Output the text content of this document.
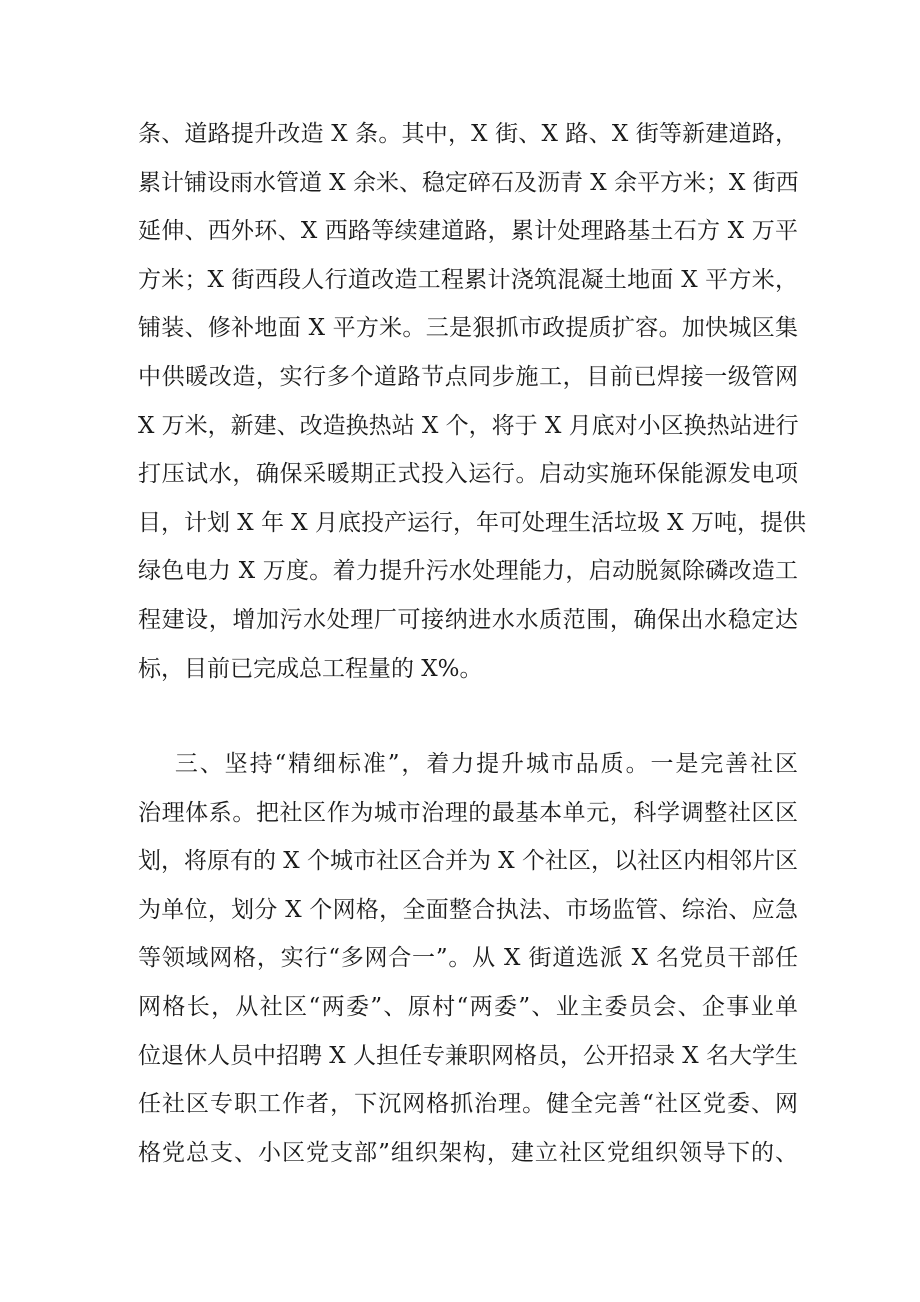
条、道路提升改造 X 条。其中，X 街、X 路、X 街等新建道路，
累计铺设雨水管道 X 余米、稳定碎石及沥青 X 余平方米；X 街西
延伸、西外环、X 西路等续建道路，累计处理路基土石方 X 万平
方米；X 街西段人行道改造工程累计浇筑混凝土地面 X 平方米，
铺装、修补地面 X 平方米。三是狠抓市政提质扩容。加快城区集
中供暖改造，实行多个道路节点同步施工，目前已焊接一级管网
X 万米，新建、改造换热站 X 个，将于 X 月底对小区换热站进行
打压试水，确保采暖期正式投入运行。启动实施环保能源发电项
目，计划 X 年 X 月底投产运行，年可处理生活垃圾 X 万吨，提供
绿色电力 X 万度。着力提升污水处理能力，启动脱氮除磷改造工
程建设，增加污水处理厂可接纳进水水质范围，确保出水稳定达
标，目前已完成总工程量的 X%。
三、坚持“精细标准”，着力提升城市品质。一是完善社区
治理体系。把社区作为城市治理的最基本单元，科学调整社区区
划，将原有的 X 个城市社区合并为 X 个社区，以社区内相邻片区
为单位，划分 X 个网格，全面整合执法、市场监管、综治、应急
等领域网格，实行“多网合一”。从 X 街道选派 X 名党员干部任
网格长，从社区“两委”、原村“两委”、业主委员会、企事业单
位退休人员中招聘 X 人担任专兼职网格员，公开招录 X 名大学生
任社区专职工作者，下沉网格抓治理。健全完善“社区党委、网
格党总支、小区党支部”组织架构，建立社区党组织领导下的、
